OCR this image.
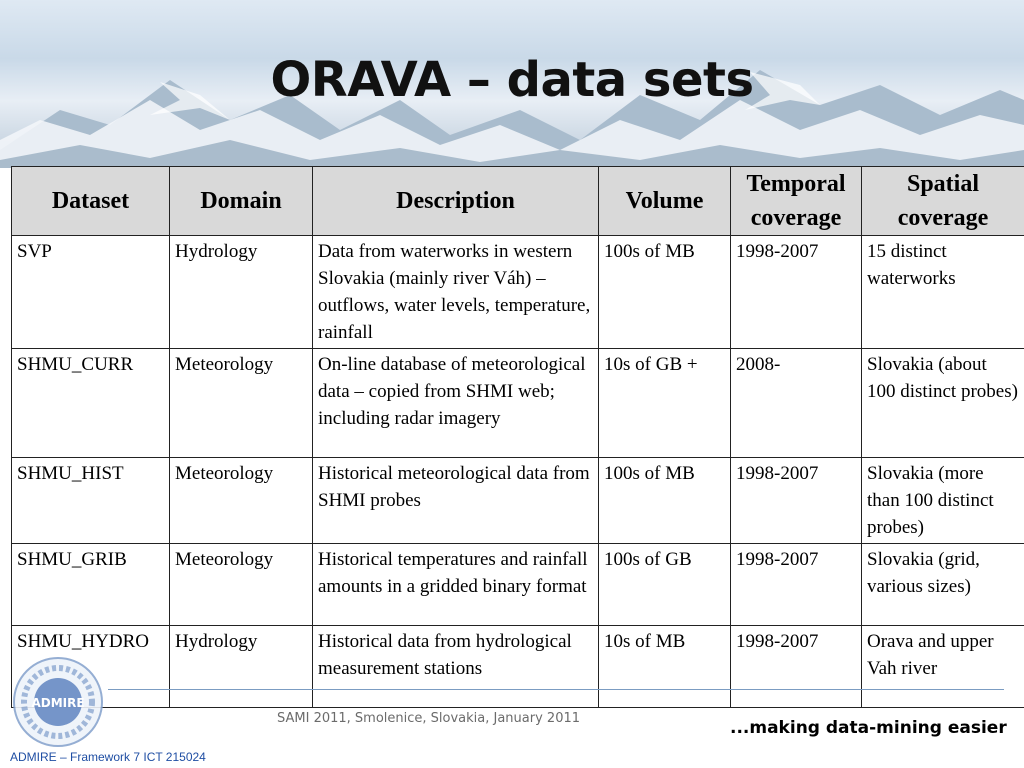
ORAVA – data sets
Dataset	Domain	Description	Volume	Temporal coverage	Spatial coverage
SVP	Hydrology	Data from waterworks in western Slovakia (mainly river Váh) – outflows, water levels, temperature, rainfall	100s of MB	1998-2007	15 distinct waterworks
SHMU_CURR	Meteorology	On-line database of meteorological data – copied from SHMI web; including radar imagery	10s of GB +	2008-	Slovakia (about 100 distinct probes)
SHMU_HIST	Meteorology	Historical meteorological data from SHMI probes	100s of MB	1998-2007	Slovakia (more than 100 distinct probes)
SHMU_GRIB	Meteorology	Historical temperatures and rainfall amounts in a gridded binary format	100s of GB	1998-2007	Slovakia (grid, various sizes)
SHMU_HYDRO	Hydrology	Historical data from hydrological measurement stations	10s of MB	1998-2007	Orava and upper Vah river
ADMIRE
SAMI 2011, Smolenice, Slovakia, January 2011	...making data-mining easier
ADMIRE – Framework 7 ICT 215024
